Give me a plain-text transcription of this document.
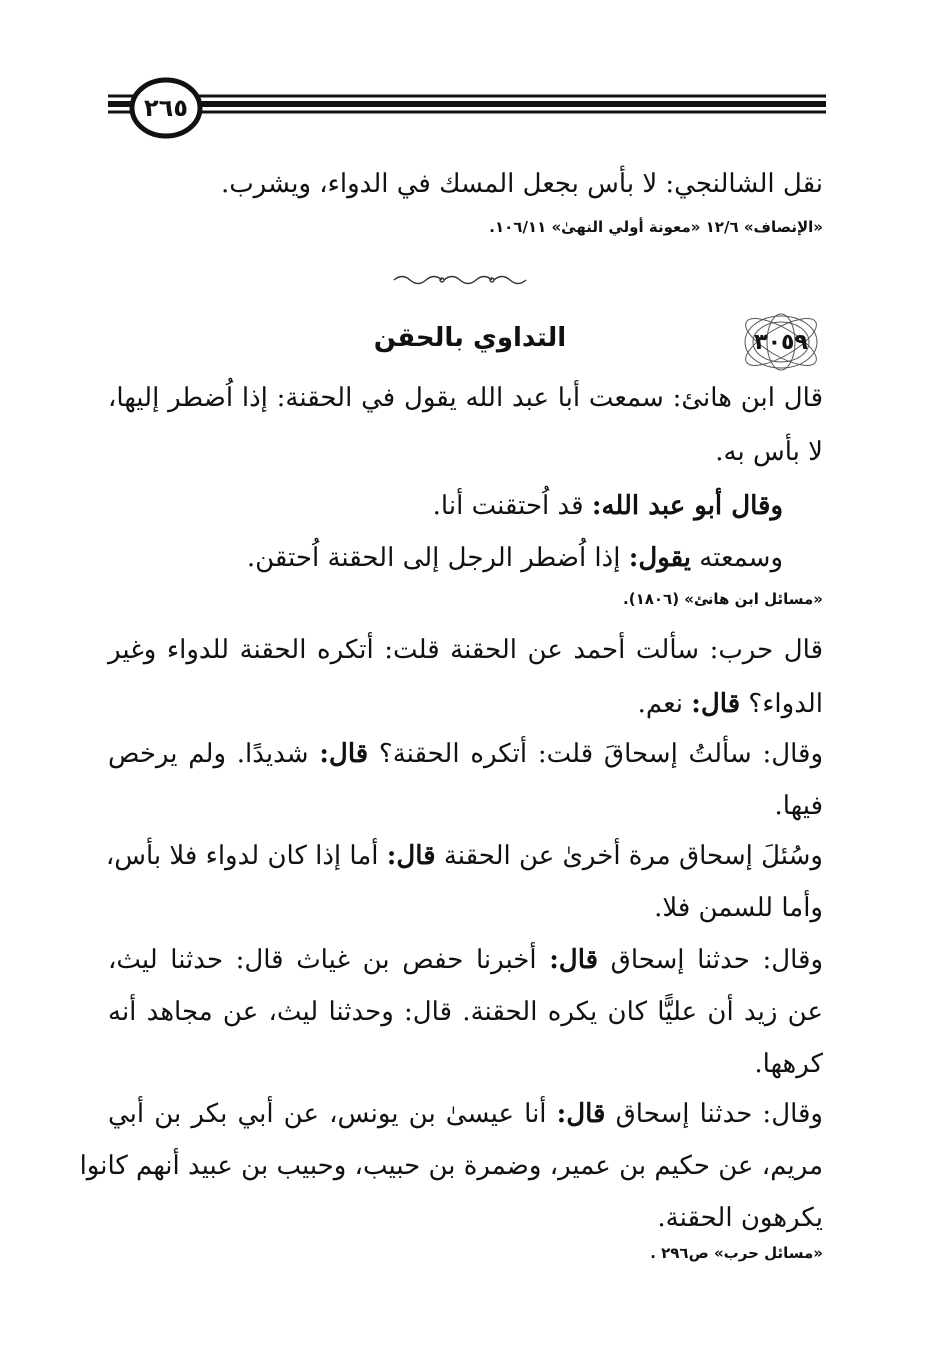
٢٦٥
نقل الشالنجي: لا بأس بجعل المسك في الدواء، ويشرب.
«الإنصاف» ١٢/٦ «معونة أولي النهىٰ» ١٠٦/١١.
التداوي بالحقن	٣٠٥٩
قال ابن هانئ: سمعت أبا عبد الله يقول في الحقنة: إذا اُضطر إليها،
لا بأس به.
وقال أبو عبد الله: قد اُحتقنت أنا.
وسمعته يقول: إذا اُضطر الرجل إلى الحقنة اُحتقن.
«مسائل ابن هانئ» (١٨٠٦).
قال حرب: سألت أحمد عن الحقنة قلت: أتكره الحقنة للدواء وغير
الدواء؟ قال: نعم.
وقال: سألتُ إسحاقَ قلت: أتكره الحقنة؟ قال: شديدًا. ولم يرخص
فيها.
وسُئلَ إسحاق مرة أخرىٰ عن الحقنة قال: أما إذا كان لدواء فلا بأس،
وأما للسمن فلا.
وقال: حدثنا إسحاق قال: أخبرنا حفص بن غياث قال: حدثنا ليث،
عن زيد أن عليًّا كان يكره الحقنة. قال: وحدثنا ليث، عن مجاهد أنه
كرهها.
وقال: حدثنا إسحاق قال: أنا عيسىٰ بن يونس، عن أبي بكر بن أبي
مريم، عن حكيم بن عمير، وضمرة بن حبيب، وحبيب بن عبيد أنهم كانوا
يكرهون الحقنة.
«مسائل حرب» ص٢٩٦ .
